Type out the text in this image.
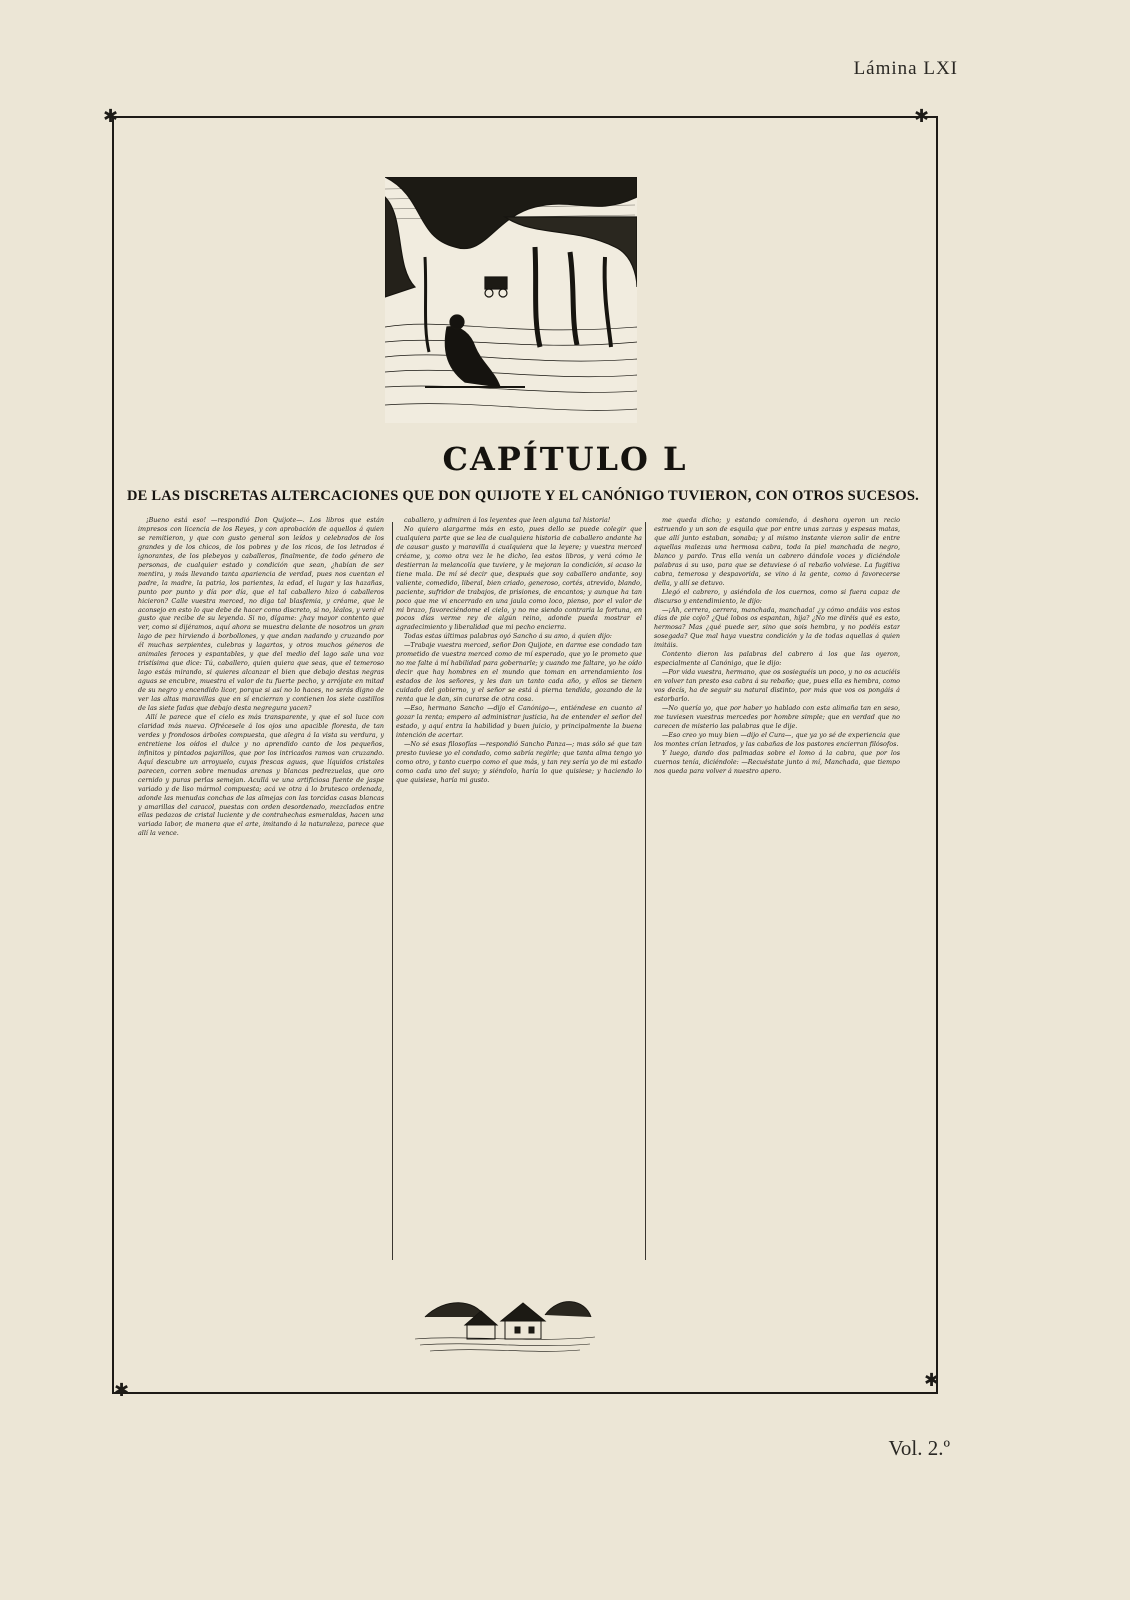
Lámina LXI
✱	✱
✱	✱
CAPÍTULO L
DE LAS DISCRETAS ALTERCACIONES QUE DON QUIJOTE Y EL CANÓNIGO TUVIERON, CON OTROS SUCESOS.

¡Bueno está eso! —respondió Don Quijote—. Los libros que están impresos con licencia de los Reyes, y con aprobación de aquellos á quien se remitieron, y que con gusto general son leídos y celebrados de los grandes y de los chicos, de los pobres y de los ricos, de los letrados é ignorantes, de los plebeyos y caballeros, finalmente, de todo género de personas, de cualquier estado y condición que sean, ¿habían de ser mentira, y más llevando tanta apariencia de verdad, pues nos cuentan el padre, la madre, la patria, los parientes, la edad, el lugar y las hazañas, punto por punto y día por día, que el tal caballero hizo ó caballeros hicieron? Calle vuestra merced, no diga tal blasfemia, y créame, que le aconsejo en esto lo que debe de hacer como discreto, si no, léalos, y verá el gusto que recibe de su leyenda. Si no, dígame: ¿hay mayor contento que ver, como si dijéramos, aquí ahora se muestra delante de nosotros un gran lago de pez hirviendo á borbollones, y que andan nadando y cruzando por él muchas serpientes, culebras y lagartos, y otros muchos géneros de animales feroces y espantables, y que del medio del lago sale una voz tristísima que dice: Tú, caballero, quien quiera que seas, que el temeroso lago estás mirando, si quieres alcanzar el bien que debajo destas negras aguas se encubre, muestra el valor de tu fuerte pecho, y arrójate en mitad de su negro y encendido licor, porque si así no lo haces, no serás digno de ver las altas maravillas que en sí encierran y contienen los siete castillos de las siete fadas que debajo desta negregura yacen?

Allí le parece que el cielo es más transparente, y que el sol luce con claridad más nueva. Ofrécesele á los ojos una apacible floresta, de tan verdes y frondosos árboles compuesta, que alegra á la vista su verdura, y entretiene los oídos el dulce y no aprendido canto de los pequeños, infinitos y pintados pajarillos, que por los intricados ramos van cruzando. Aquí descubre un arroyuelo, cuyas frescas aguas, que líquidos cristales parecen, corren sobre menudas arenas y blancas pedrezuelas, que oro cernido y puras perlas semejan. Acullá ve una artificiosa fuente de jaspe variado y de liso mármol compuesta; acá ve otra á lo brutesco ordenada, adonde las menudas conchas de las almejas con las torcidas casas blancas y amarillas del caracol, puestas con orden desordenado, mezclados entre ellas pedazos de cristal luciente y de contrahechas esmeraldas, hacen una variada labor, de manera que el arte, imitando á la naturaleza, parece que allí la vence.

caballero, y admiren á los leyentes que leen alguna tal historia!

No quiero alargarme más en esto, pues dello se puede colegir que cualquiera parte que se lea de cualquiera historia de caballero andante ha de causar gusto y maravilla á cualquiera que la leyere; y vuestra merced créame, y, como otra vez le he dicho, lea estos libros, y verá cómo le destierran la melancolía que tuviere, y le mejoran la condición, si acaso la tiene mala. De mí sé decir que, después que soy caballero andante, soy valiente, comedido, liberal, bien criado, generoso, cortés, atrevido, blando, paciente, sufridor de trabajos, de prisiones, de encantos; y aunque ha tan poco que me vi encerrado en una jaula como loco, pienso, por el valor de mi brazo, favoreciéndome el cielo, y no me siendo contraria la fortuna, en pocos días verme rey de algún reino, adonde pueda mostrar el agradecimiento y liberalidad que mi pecho encierra.

Todas estas últimas palabras oyó Sancho á su amo, á quien dijo:

—Trabaje vuestra merced, señor Don Quijote, en darme ese condado tan prometido de vuestra merced como de mí esperado, que yo le prometo que no me falte á mí habilidad para gobernarle; y cuando me faltare, yo he oído decir que hay hombres en el mundo que toman en arrendamiento los estados de los señores, y les dan un tanto cada año, y ellos se tienen cuidado del gobierno, y el señor se está á pierna tendida, gozando de la renta que le dan, sin curarse de otra cosa.

—Eso, hermano Sancho —dijo el Canónigo—, entiéndese en cuanto al gozar la renta; empero al administrar justicia, ha de entender el señor del estado, y aquí entra la habilidad y buen juicio, y principalmente la buena intención de acertar.

—No sé esas filosofías —respondió Sancho Panza—; mas sólo sé que tan presto tuviese yo el condado, como sabría regirle; que tanta alma tengo yo como otro, y tanto cuerpo como el que más, y tan rey sería yo de mi estado como cada uno del suyo; y siéndolo, haría lo que quisiese; y haciendo lo que quisiese, haría mi gusto.

me queda dicho; y estando comiendo, á deshora oyeron un recio estruendo y un son de esquila que por entre unas zarzas y espesas matas, que allí junto estaban, sonaba; y al mismo instante vieron salir de entre aquellas malezas una hermosa cabra, toda la piel manchada de negro, blanco y pardo. Tras ella venía un cabrero dándole voces y diciéndole palabras á su uso, para que se detuviese ó al rebaño volviese. La fugitiva cabra, temerosa y despavorida, se vino á la gente, como á favorecerse della, y allí se detuvo.

Llegó el cabrero, y asiéndola de los cuernos, como si fuera capaz de discurso y entendimiento, le dijo:

—¡Ah, cerrera, cerrera, manchada, manchada! ¿y cómo andáis vos estos días de pie cojo? ¿Qué lobos os espantan, hija? ¿No me diréis qué es esto, hermosa? Mas ¿qué puede ser, sino que sois hembra, y no podéis estar sosegada? Que mal haya vuestra condición y la de todas aquellas á quien imitáis.

Contento dieron las palabras del cabrero á los que las oyeron, especialmente al Canónigo, que le dijo:

—Por vida vuestra, hermano, que os sosieguéis un poco, y no os acuciéis en volver tan presto esa cabra á su rebaño; que, pues ella es hembra, como vos decís, ha de seguir su natural distinto, por más que vos os pongáis á estorbarlo.

—No quería yo, que por haber yo hablado con esta alimaña tan en seso, me tuviesen vuestras mercedes por hombre simple; que en verdad que no carecen de misterio las palabras que le dije.

—Eso creo yo muy bien —dijo el Cura—, que ya yo sé de experiencia que los montes crían letrados, y las cabañas de los pastores encierran filósofos.

Y luego, dando dos palmadas sobre el lomo á la cabra, que por los cuernos tenía, diciéndole: —Recuéstate junto á mí, Manchada, que tiempo nos queda para volver á nuestro apero.

Vol. 2.º
